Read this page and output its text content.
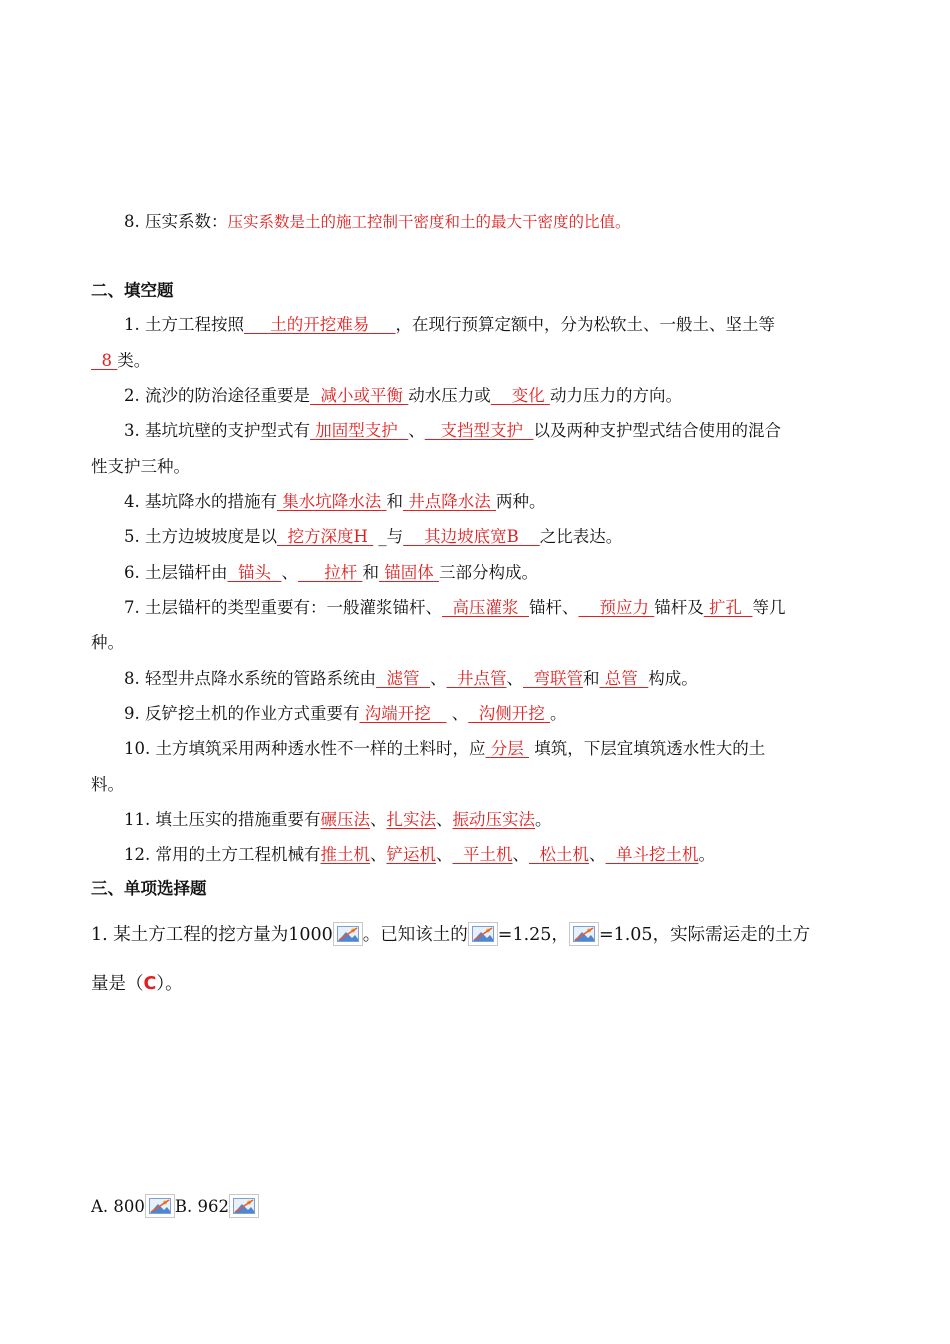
8. 压实系数：压实系数是土的施工控制干密度和土的最大干密度的比值。
二、填空题
1. 土方工程按照 土的开挖难易 ，在现行预算定额中，分为松软土、一般土、坚土等
8 类。
2. 流沙的防治途径重要是 减小或平衡 动水压力或 变化 动力压力的方向。
3. 基坑坑壁的支护型式有 加固型支护 、 支挡型支护 以及两种支护型式结合使用的混合
性支护三种。
4. 基坑降水的措施有 集水坑降水法 和 井点降水法 两种。
5. 土方边坡坡度是以 挖方深度H  _与 其边坡底宽B 之比表达。
6. 土层锚杆由 锚头 、 拉杆 和 锚固体 三部分构成。
7. 土层锚杆的类型重要有：一般灌浆锚杆、 高压灌浆 锚杆、 预应力 锚杆及 扩孔 等几
种。
8. 轻型井点降水系统的管路系统由 滤管 、 井点管、 弯联管和 总管 构成。
9. 反铲挖土机的作业方式重要有 沟端开挖 、 沟侧开挖 。
10. 土方填筑采用两种透水性不一样的土料时，应 分层 填筑，下层宜填筑透水性大的土
料。
11. 填土压实的措施重要有碾压法、扎实法、振动压实法。
12. 常用的土方工程机械有推土机、铲运机、 平土机、 松土机、 单斗挖土机。
三、单项选择题
1. 某土方工程的挖方量为1000 。已知该土的 =1.25， =1.05，实际需运走的土方
量是（C）。
A. 800 B. 962
